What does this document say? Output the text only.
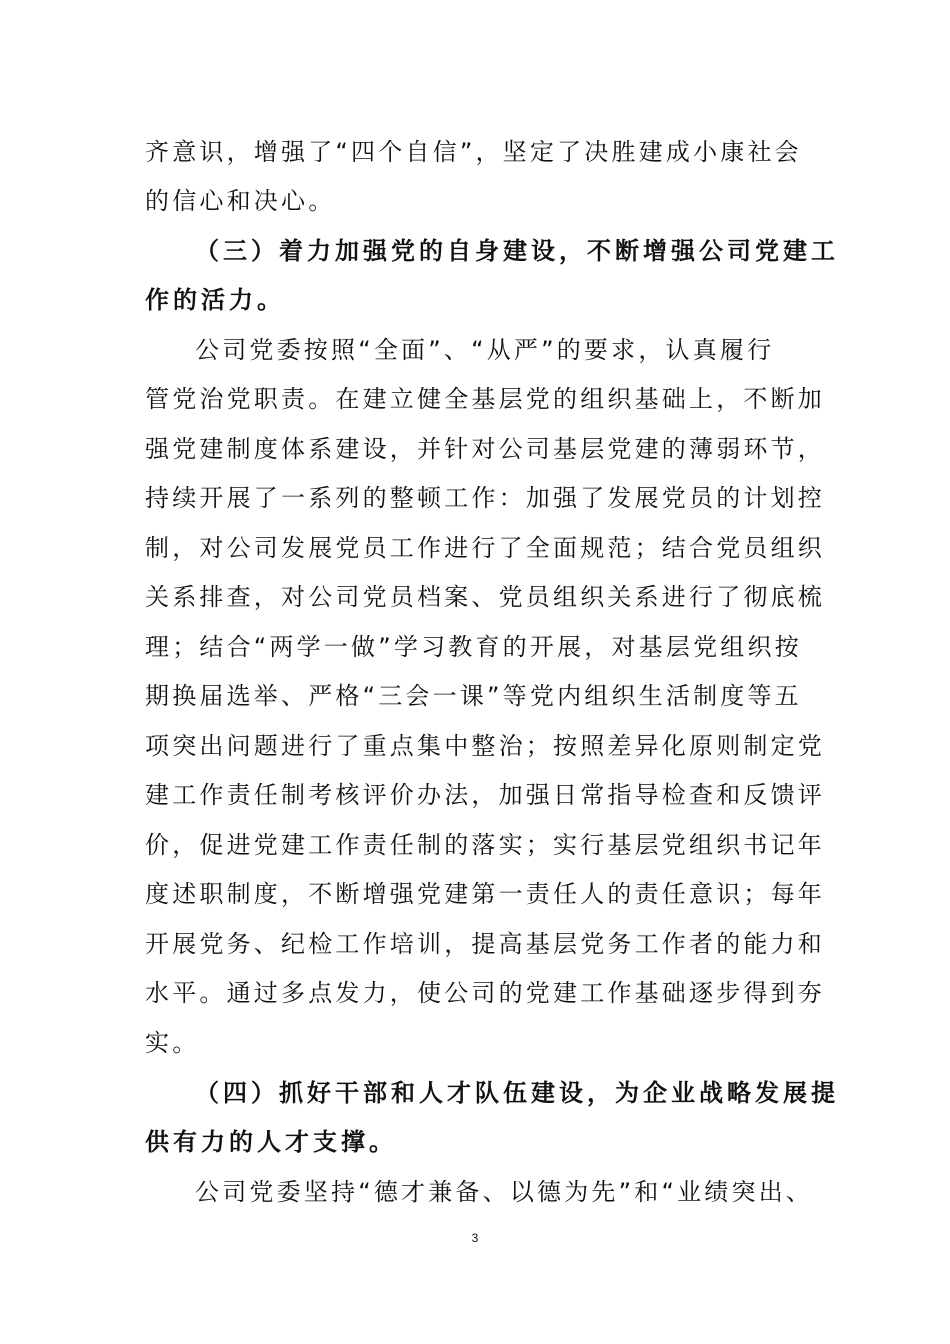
齐意识，增强了“四个自信”，坚定了决胜建成小康社会
的信心和决心。
（三）着力加强党的自身建设，不断增强公司党建工
作的活力。
公司党委按照“全面”、“从严”的要求，认真履行
管党治党职责。在建立健全基层党的组织基础上，不断加
强党建制度体系建设，并针对公司基层党建的薄弱环节，
持续开展了一系列的整顿工作：加强了发展党员的计划控
制，对公司发展党员工作进行了全面规范；结合党员组织
关系排查，对公司党员档案、党员组织关系进行了彻底梳
理；结合“两学一做”学习教育的开展，对基层党组织按
期换届选举、严格“三会一课”等党内组织生活制度等五
项突出问题进行了重点集中整治；按照差异化原则制定党
建工作责任制考核评价办法，加强日常指导检查和反馈评
价，促进党建工作责任制的落实；实行基层党组织书记年
度述职制度，不断增强党建第一责任人的责任意识；每年
开展党务、纪检工作培训，提高基层党务工作者的能力和
水平。通过多点发力，使公司的党建工作基础逐步得到夯
实。
（四）抓好干部和人才队伍建设，为企业战略发展提
供有力的人才支撑。
公司党委坚持“德才兼备、以德为先”和“业绩突出、
3
